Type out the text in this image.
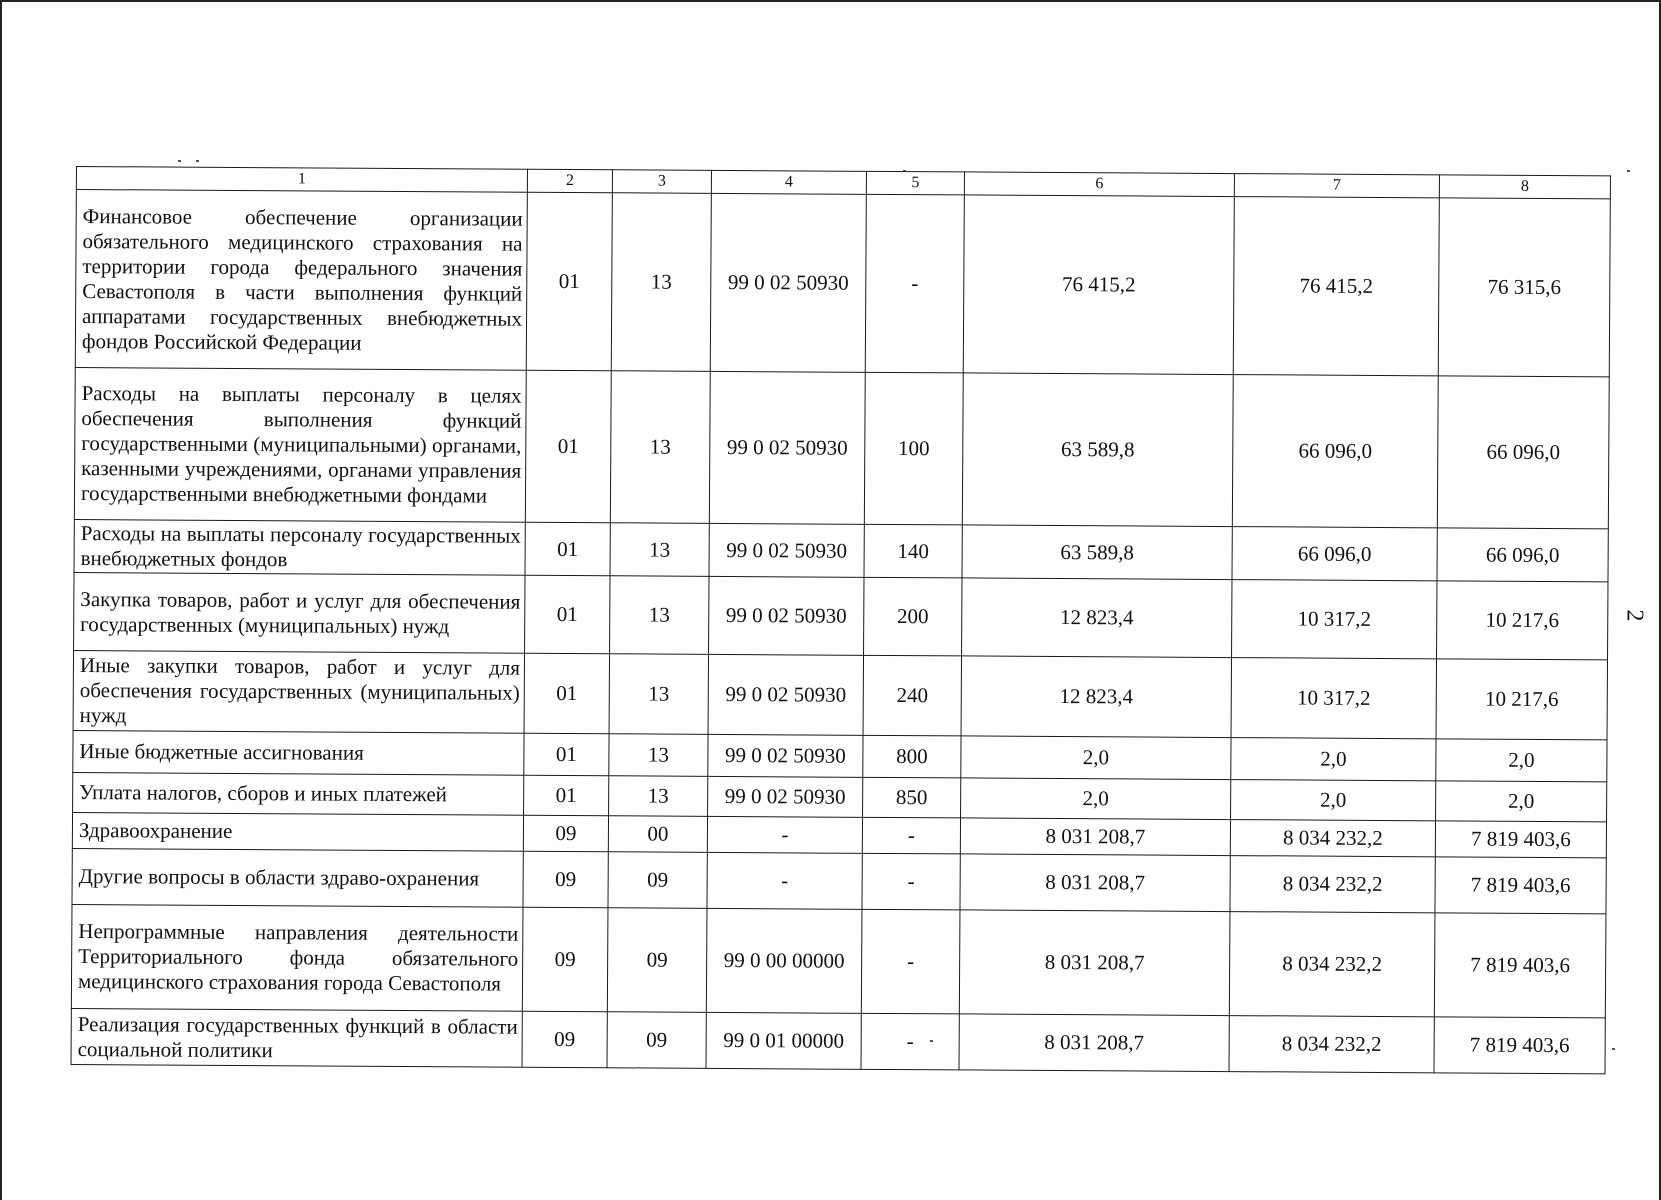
2
1	2	3	4	5	6	7	8
Финансовое обеспечение организации обязательного медицинского страхования на территории города федерального значения Севастополя в части выполнения функций аппаратами государственных внебюджетных фондов Российской Федерации	01	13	99 0 02 50930	-	76 415,2	76 415,2	76 315,6
Расходы на выплаты персоналу в целях обеспечения выполнения функций государственными (муниципальными) органами, казенными учреждениями, органами управления государственными внебюджетными фондами	01	13	99 0 02 50930	100	63 589,8	66 096,0	66 096,0
Расходы на выплаты персоналу государственных внебюджетных фондов	01	13	99 0 02 50930	140	63 589,8	66 096,0	66 096,0
Закупка товаров, работ и услуг для обеспечения государственных (муниципальных) нужд	01	13	99 0 02 50930	200	12 823,4	10 317,2	10 217,6
Иные закупки товаров, работ и услуг для обеспечения государственных (муниципальных) нужд	01	13	99 0 02 50930	240	12 823,4	10 317,2	10 217,6
Иные бюджетные ассигнования	01	13	99 0 02 50930	800	2,0	2,0	2,0
Уплата налогов, сборов и иных платежей	01	13	99 0 02 50930	850	2,0	2,0	2,0
Здравоохранение	09	00	-	-	8 031 208,7	8 034 232,2	7 819 403,6
Другие вопросы в области здраво-охранения	09	09	-	-	8 031 208,7	8 034 232,2	7 819 403,6
Непрограммные направления деятельности Территориального фонда обязательного медицинского страхования города Севастополя	09	09	99 0 00 00000	-	8 031 208,7	8 034 232,2	7 819 403,6
Реализация государственных функций в области социальной политики	09	09	99 0 01 00000	-	8 031 208,7	8 034 232,2	7 819 403,6
